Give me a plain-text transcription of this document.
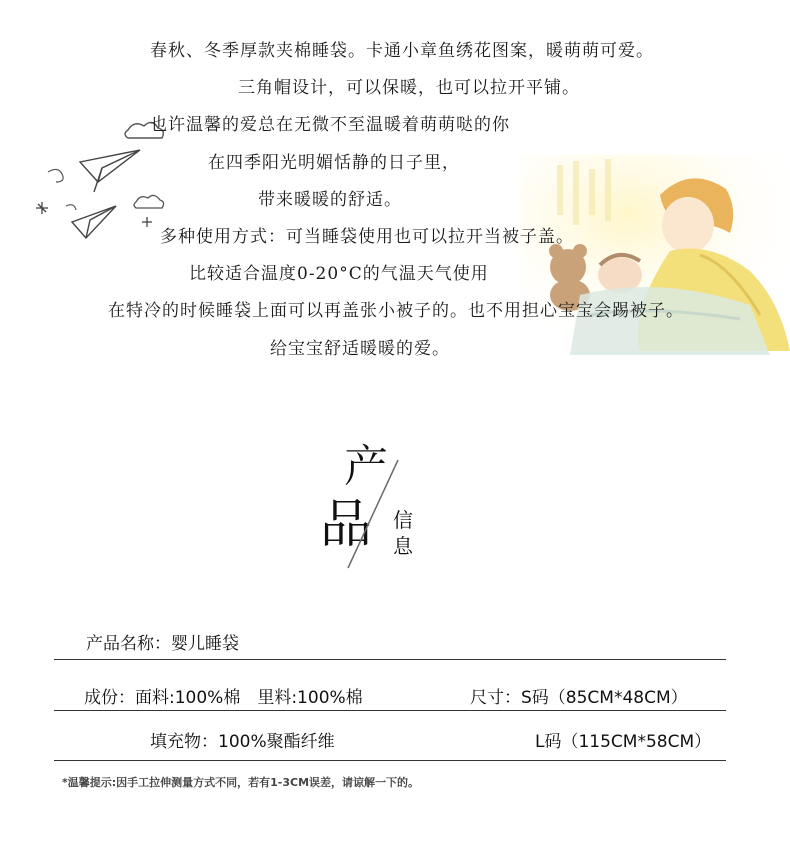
春秋、冬季厚款夹棉睡袋。卡通小章鱼绣花图案，暖萌萌可爱。
三角帽设计，可以保暖，也可以拉开平铺。
也许温馨的爱总在无微不至温暖着萌萌哒的你
在四季阳光明媚恬静的日子里，
带来暖暖的舒适。
多种使用方式：可当睡袋使用也可以拉开当被子盖。
比较适合温度0-20°C的气温天气使用
在特冷的时候睡袋上面可以再盖张小被子的。也不用担心宝宝会踢被子。
给宝宝舒适暖暖的爱。
产
品 信
息
产品名称：婴儿睡袋
成份：面料:100%棉　里料:100%棉	尺寸：S码（85CM*48CM）
填充物：100%聚酯纤维	L码（115CM*58CM）
*温馨提示:因手工拉伸测量方式不同，若有1-3CM误差，请谅解一下的。
